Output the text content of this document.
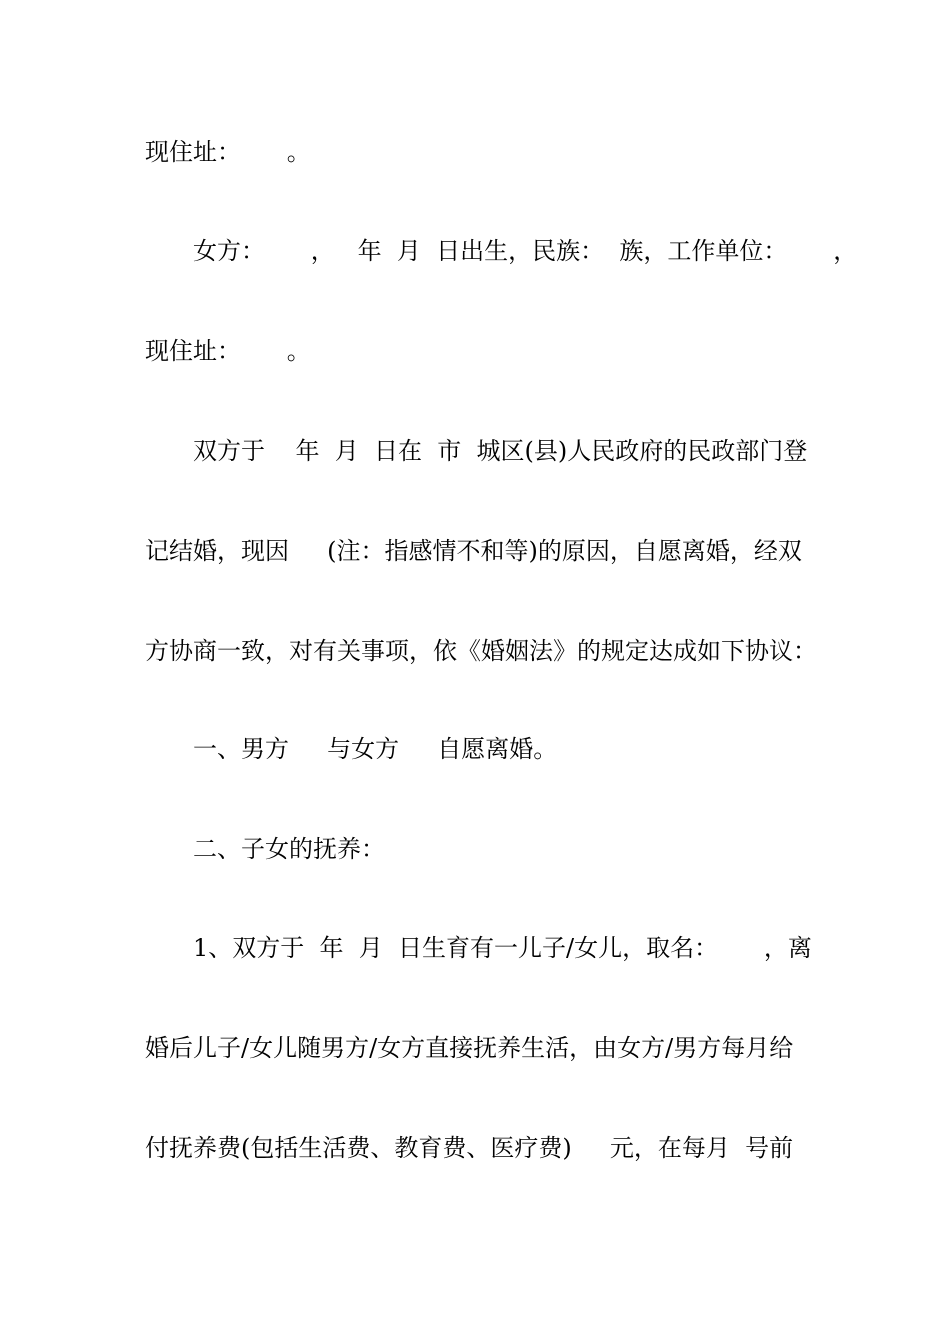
现住址：      。
女方：      ，   年  月  日出生，民族：  族，工作单位：      ，
现住址：      。
双方于    年  月  日在  市  城区(县)人民政府的民政部门登
记结婚，现因     (注：指感情不和等)的原因，自愿离婚，经双
方协商一致，对有关事项，依《婚姻法》的规定达成如下协议：
一、男方     与女方     自愿离婚。
二、子女的抚养：
1、双方于  年  月  日生育有一儿子/女儿，取名：      ，离
婚后儿子/女儿随男方/女方直接抚养生活，由女方/男方每月给
付抚养费(包括生活费、教育费、医疗费)     元，在每月  号前
